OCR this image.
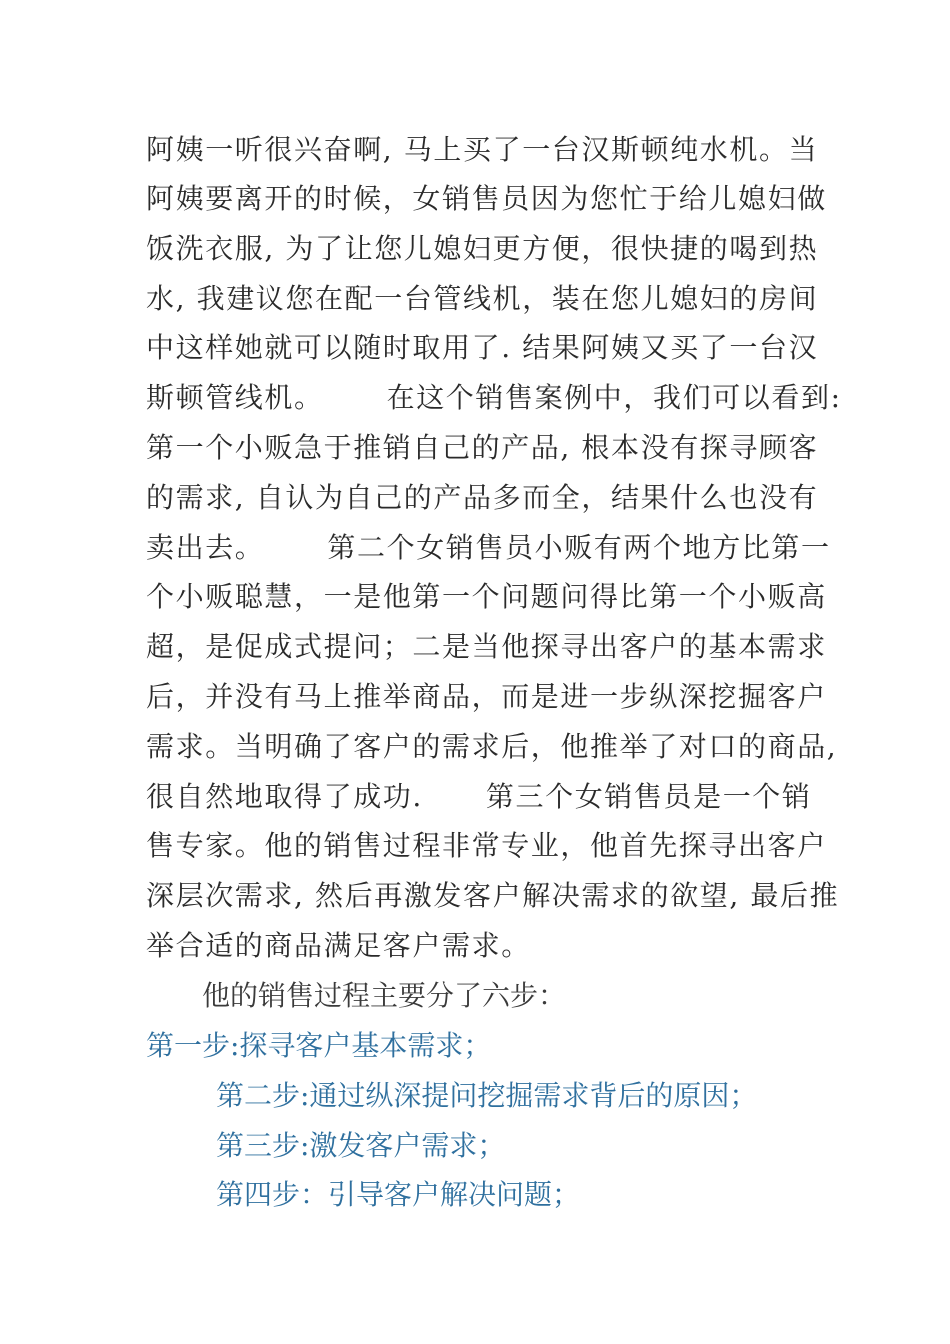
阿姨一听很兴奋啊, 马上买了一台汉斯顿纯水机。当
阿姨要离开的时候，女销售员因为您忙于给儿媳妇做
饭洗衣服, 为了让您儿媳妇更方便，很快捷的喝到热
水, 我建议您在配一台管线机，装在您儿媳妇的房间
中这样她就可以随时取用了. 结果阿姨又买了一台汉
斯顿管线机。      在这个销售案例中，我们可以看到:
第一个小贩急于推销自己的产品, 根本没有探寻顾客
的需求, 自认为自己的产品多而全，结果什么也没有
卖出去。      第二个女销售员小贩有两个地方比第一
个小贩聪慧，一是他第一个问题问得比第一个小贩高
超，是促成式提问；二是当他探寻出客户的基本需求
后，并没有马上推举商品，而是进一步纵深挖掘客户
需求。当明确了客户的需求后，他推举了对口的商品,
很自然地取得了成功.      第三个女销售员是一个销
售专家。他的销售过程非常专业，他首先探寻出客户
深层次需求, 然后再激发客户解决需求的欲望, 最后推
举合适的商品满足客户需求。
他的销售过程主要分了六步：
第一步:探寻客户基本需求；
第二步:通过纵深提问挖掘需求背后的原因；
第三步:激发客户需求；
第四步：引导客户解决问题；
